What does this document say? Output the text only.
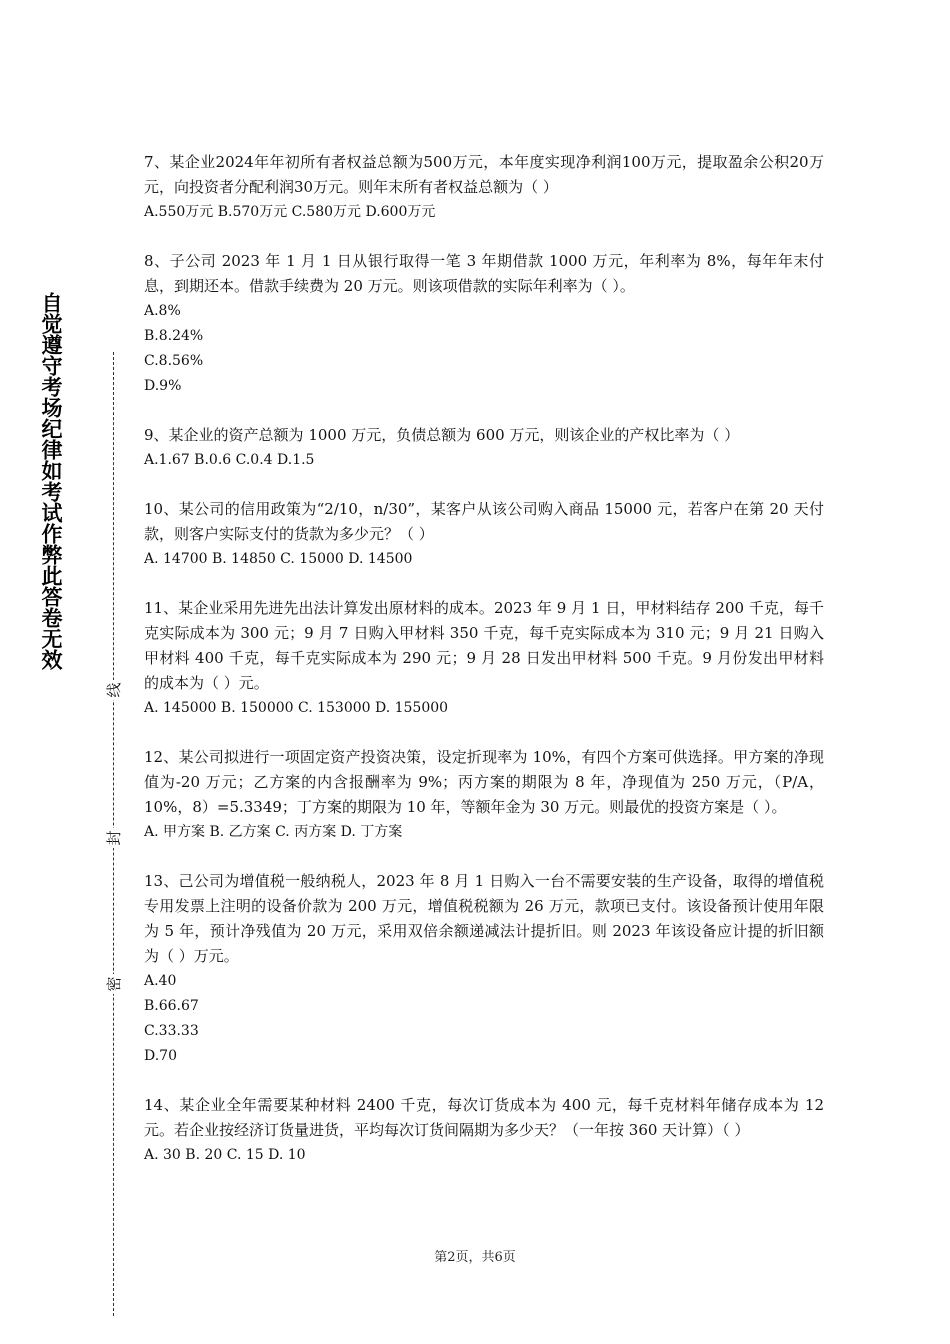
自觉遵守考场纪律如考试作弊此答卷无效
线
封
密

7、某企业2024年年初所有者权益总额为500万元，本年度实现净利润100万元，提取盈余公积20万元，向投资者分配利润30万元。则年末所有者权益总额为（ ）

A.550万元 B.570万元 C.580万元 D.600万元

8、子公司 2023 年 1 月 1 日从银行取得一笔 3 年期借款 1000 万元，年利率为 8%，每年年末付息，到期还本。借款手续费为 20 万元。则该项借款的实际年利率为（ ）。

A.8%

B.8.24%

C.8.56%

D.9%

9、某企业的资产总额为 1000 万元，负债总额为 600 万元，则该企业的产权比率为（ ）

A.1.67 B.0.6 C.0.4 D.1.5

10、某公司的信用政策为“2/10，n/30”，某客户从该公司购入商品 15000 元，若客户在第 20 天付款，则客户实际支付的货款为多少元？（ ）

A. 14700 B. 14850 C. 15000 D. 14500

11、某企业采用先进先出法计算发出原材料的成本。2023 年 9 月 1 日，甲材料结存 200 千克，每千克实际成本为 300 元；9 月 7 日购入甲材料 350 千克，每千克实际成本为 310 元；9 月 21 日购入甲材料 400 千克，每千克实际成本为 290 元；9 月 28 日发出甲材料 500 千克。9 月份发出甲材料的成本为（ ）元。

A. 145000 B. 150000 C. 153000 D. 155000

12、某公司拟进行一项固定资产投资决策，设定折现率为 10%，有四个方案可供选择。甲方案的净现值为-20 万元；乙方案的内含报酬率为 9%；丙方案的期限为 8 年，净现值为 250 万元，（P/A，10%，8）=5.3349；丁方案的期限为 10 年，等额年金为 30 万元。则最优的投资方案是（ ）。

A. 甲方案 B. 乙方案 C. 丙方案 D. 丁方案

13、己公司为增值税一般纳税人，2023 年 8 月 1 日购入一台不需要安装的生产设备，取得的增值税专用发票上注明的设备价款为 200 万元，增值税税额为 26 万元，款项已支付。该设备预计使用年限为 5 年，预计净残值为 20 万元，采用双倍余额递减法计提折旧。则 2023 年该设备应计提的折旧额为（ ）万元。

A.40

B.66.67

C.33.33

D.70

14、某企业全年需要某种材料 2400 千克，每次订货成本为 400 元，每千克材料年储存成本为 12 元。若企业按经济订货量进货，平均每次订货间隔期为多少天？（一年按 360 天计算）（ ）

A. 30 B. 20 C. 15 D. 10

第2页，共6页
